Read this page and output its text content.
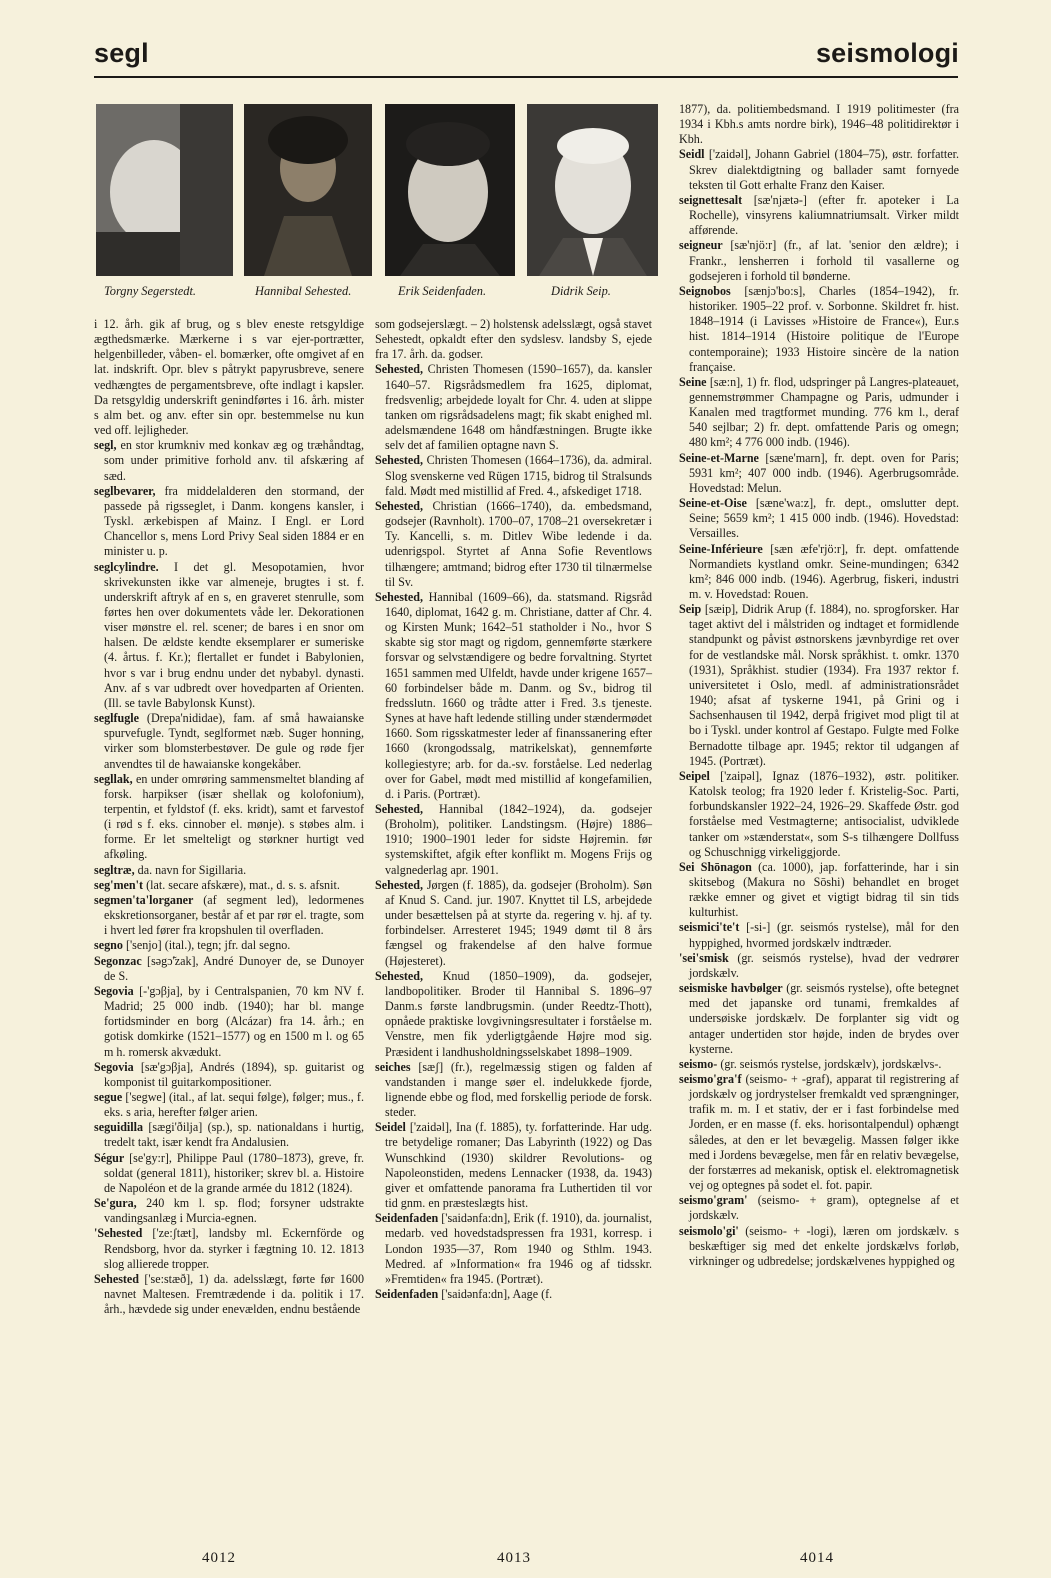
segl	seismologi
Torgny Segerstedt.	Hannibal Sehested.	Erik Seidenfaden.	Didrik Seip.

i 12. årh. gik af brug, og s blev eneste retsgyldige ægthedsmærke. Mærkerne i s var ejer-portrætter, helgenbilleder, våben- el. bomærker, ofte omgivet af en lat. indskrift. Opr. blev s påtrykt papyrusbreve, senere vedhængtes de pergamentsbreve, ofte indlagt i kapsler. Da retsgyldig underskrift genindførtes i 16. årh. mister s alm bet. og anv. efter sin opr. bestemmelse nu kun ved off. lejligheder.

segl, en stor krumkniv med konkav æg og træhåndtag, som under primitive forhold anv. til afskæring af sæd.

seglbevarer, fra middelalderen den stormand, der passede på rigsseglet, i Danm. kongens kansler, i Tyskl. ærkebispen af Mainz. I Engl. er Lord Chancellor s, mens Lord Privy Seal siden 1884 er en minister u. p.

seglcylindre. I det gl. Mesopotamien, hvor skrivekunsten ikke var almeneje, brugtes i st. f. underskrift aftryk af en s, en graveret stenrulle, som førtes hen over dokumentets våde ler. Dekorationen viser mønstre el. rel. scener; de bares i en snor om halsen. De ældste kendte eksemplarer er sumeriske (4. årtus. f. Kr.); flertallet er fundet i Babylonien, hvor s var i brug endnu under det nybabyl. dynasti. Anv. af s var udbredt over hovedparten af Orienten. (Ill. se tavle Babylonsk Kunst).

seglfugle (Drepa'nididae), fam. af små hawaianske spurvefugle. Tyndt, seglformet næb. Suger honning, virker som blomsterbestøver. De gule og røde fjer anvendtes til de hawaianske kongekåber.

segllak, en under omrøring sammensmeltet blanding af forsk. harpikser (især shellak og kolofonium), terpentin, et fyldstof (f. eks. kridt), samt et farvestof (i rød s f. eks. cinnober el. mønje). s støbes alm. i forme. Er let smelteligt og størkner hurtigt ved afkøling.

segltræ, da. navn for Sigillaria.

seg'men't (lat. secare afskære), mat., d. s. s. afsnit.

segmen'ta'lorganer (af segment led), ledormenes ekskretionsorganer, består af et par rør el. tragte, som i hvert led fører fra kropshulen til overfladen.

segno ['senjo] (ital.), tegn; jfr. dal segno.

Segonzac [səgɔ̃'zak], André Dunoyer de, se Dunoyer de S.

Segovia [-'gɔβja], by i Centralspanien, 70 km NV f. Madrid; 25 000 indb. (1940); har bl. mange fortidsminder en borg (Alcázar) fra 14. årh.; en gotisk domkirke (1521–1577) og en 1500 m l. og 65 m h. romersk akvædukt.

Segovia [sæ'gɔβja], Andrés (1894), sp. guitarist og komponist til guitarkompositioner.

segue ['segwe] (ital., af lat. sequi følge), følger; mus., f. eks. s aria, herefter følger arien.

seguidilla [sægi'ðilja] (sp.), sp. nationaldans i hurtig, tredelt takt, især kendt fra Andalusien.

Ségur [se'gy:r], Philippe Paul (1780–1873), greve, fr. soldat (general 1811), historiker; skrev bl. a. Histoire de Napoléon et de la grande armée du 1812 (1824).

Se'gura, 240 km l. sp. flod; forsyner udstrakte vandingsanlæg i Murcia-egnen.

'Sehested ['ze:ʃtæt], landsby ml. Eckernförde og Rendsborg, hvor da. styrker i fægtning 10. 12. 1813 slog allierede tropper.

Sehested ['se:stæð], 1) da. adelsslægt, førte før 1600 navnet Maltesen. Fremtrædende i da. politik i 17. årh., hævdede sig under enevælden, endnu bestående

som godsejerslægt. – 2) holstensk adelsslægt, også stavet Sehestedt, opkaldt efter den sydslesv. landsby S, ejede fra 17. årh. da. godser.

Sehested, Christen Thomesen (1590–1657), da. kansler 1640–57. Rigsrådsmedlem fra 1625, diplomat, fredsvenlig; arbejdede loyalt for Chr. 4. uden at slippe tanken om rigsrådsadelens magt; fik skabt enighed ml. adelsmændene 1648 om håndfæstningen. Brugte ikke selv det af familien optagne navn S.

Sehested, Christen Thomesen (1664–1736), da. admiral. Slog svenskerne ved Rügen 1715, bidrog til Stralsunds fald. Mødt med mistillid af Fred. 4., afskediget 1718.

Sehested, Christian (1666–1740), da. embedsmand, godsejer (Ravnholt). 1700–07, 1708–21 oversekretær i Ty. Kancelli, s. m. Ditlev Wibe ledende i da. udenrigspol. Styrtet af Anna Sofie Reventlows tilhængere; amtmand; bidrog efter 1730 til tilnærmelse til Sv.

Sehested, Hannibal (1609–66), da. statsmand. Rigsråd 1640, diplomat, 1642 g. m. Christiane, datter af Chr. 4. og Kirsten Munk; 1642–51 statholder i No., hvor S skabte sig stor magt og rigdom, gennemførte stærkere forsvar og selvstændigere og bedre forvaltning. Styrtet 1651 sammen med Ulfeldt, havde under krigene 1657–60 forbindelser både m. Danm. og Sv., bidrog til fredsslutn. 1660 og trådte atter i Fred. 3.s tjeneste. Synes at have haft ledende stilling under stændermødet 1660. Som rigsskatmester leder af finanssanering efter 1660 (krongodssalg, matrikelskat), gennemførte kollegiestyre; arb. for da.-sv. forståelse. Led nederlag over for Gabel, mødt med mistillid af kongefamilien, d. i Paris. (Portræt).

Sehested, Hannibal (1842–1924), da. godsejer (Broholm), politiker. Landstingsm. (Højre) 1886–1910; 1900–1901 leder for sidste Højremin. før systemskiftet, afgik efter konflikt m. Mogens Frijs og valgnederlag apr. 1901.

Sehested, Jørgen (f. 1885), da. godsejer (Broholm). Søn af Knud S. Cand. jur. 1907. Knyttet til LS, arbejdede under besættelsen på at styrte da. regering v. hj. af ty. forbindelser. Arresteret 1945; 1949 dømt til 8 års fængsel og frakendelse af den halve formue (Højesteret).

Sehested, Knud (1850–1909), da. godsejer, landbopolitiker. Broder til Hannibal S. 1896–97 Danm.s første landbrugsmin. (under Reedtz-Thott), opnåede praktiske lovgivningsresultater i forståelse m. Venstre, men fik yderligtgående Højre mod sig. Præsident i landhusholdningsselskabet 1898–1909.

seiches [sæʃ] (fr.), regelmæssig stigen og falden af vandstanden i mange søer el. indelukkede fjorde, lignende ebbe og flod, med forskellig periode de forsk. steder.

Seidel ['zaidəl], Ina (f. 1885), ty. forfatterinde. Har udg. tre betydelige romaner; Das Labyrinth (1922) og Das Wunschkind (1930) skildrer Revolutions- og Napoleonstiden, medens Lennacker (1938, da. 1943) giver et omfattende panorama fra Luthertiden til vor tid gnm. en præsteslægts hist.

Seidenfaden ['saidənfa:dn], Erik (f. 1910), da. journalist, medarb. ved hovedstadspressen fra 1931, korresp. i London 1935—37, Rom 1940 og Sthlm. 1943. Medred. af »Information« fra 1946 og af tidsskr. »Fremtiden« fra 1945. (Portræt).

Seidenfaden ['saidənfa:dn], Aage (f.

1877), da. politiembedsmand. I 1919 politimester (fra 1934 i Kbh.s amts nordre birk), 1946–48 politidirektør i Kbh.

Seidl ['zaidəl], Johann Gabriel (1804–75), østr. forfatter. Skrev dialektdigtning og ballader samt fornyede teksten til Gott erhalte Franz den Kaiser.

seignettesalt [sæ'njætə-] (efter fr. apoteker i La Rochelle), vinsyrens kaliumnatriumsalt. Virker mildt afførende.

seigneur [sæ'njö:r] (fr., af lat. 'senior den ældre); i Frankr., lensherren i forhold til vasallerne og godsejeren i forhold til bønderne.

Seignobos [sænjɔ'bo:s], Charles (1854–1942), fr. historiker. 1905–22 prof. v. Sorbonne. Skildret fr. hist. 1848–1914 (i Lavisses »Histoire de France«), Eur.s hist. 1814–1914 (Histoire politique de l'Europe contemporaine); 1933 Histoire sincère de la nation française.

Seine [sæ:n], 1) fr. flod, udspringer på Langres-plateauet, gennemstrømmer Champagne og Paris, udmunder i Kanalen med tragtformet munding. 776 km l., deraf 540 sejlbar; 2) fr. dept. omfattende Paris og omegn; 480 km²; 4 776 000 indb. (1946).

Seine-et-Marne [sæne'marn], fr. dept. oven for Paris; 5931 km²; 407 000 indb. (1946). Agerbrugsområde. Hovedstad: Melun.

Seine-et-Oise [sæne'wa:z], fr. dept., omslutter dept. Seine; 5659 km²; 1 415 000 indb. (1946). Hovedstad: Versailles.

Seine-Inférieure [sæn æfe'rjö:r], fr. dept. omfattende Normandiets kystland omkr. Seine-mundingen; 6342 km²; 846 000 indb. (1946). Agerbrug, fiskeri, industri m. v. Hovedstad: Rouen.

Seip [sæip], Didrik Arup (f. 1884), no. sprogforsker. Har taget aktivt del i målstriden og indtaget et formidlende standpunkt og påvist østnorskens jævnbyrdige ret over for de vestlandske mål. Norsk språkhist. t. omkr. 1370 (1931), Språkhist. studier (1934). Fra 1937 rektor f. universitetet i Oslo, medl. af administrationsrådet 1940; afsat af tyskerne 1941, på Grini og i Sachsenhausen til 1942, derpå frigivet mod pligt til at bo i Tyskl. under kontrol af Gestapo. Fulgte med Folke Bernadotte tilbage apr. 1945; rektor til udgangen af 1945. (Portræt).

Seipel ['zaipəl], Ignaz (1876–1932), østr. politiker. Katolsk teolog; fra 1920 leder f. Kristelig-Soc. Parti, forbundskansler 1922–24, 1926–29. Skaffede Østr. god forståelse med Vestmagterne; antisocialist, udviklede tanker om »stænderstat«, som S-s tilhængere Dollfuss og Schuschnigg virkeliggjorde.

Sei Shōnagon (ca. 1000), jap. forfatterinde, har i sin skitsebog (Makura no Sōshi) behandlet en broget række emner og givet et vigtigt bidrag til sin tids kulturhist.

seismici'te't [-si-] (gr. seismós rystelse), mål for den hyppighed, hvormed jordskælv indtræder.

'sei'smisk (gr. seismós rystelse), hvad der vedrører jordskælv.

seismiske havbølger (gr. seismós rystelse), ofte betegnet med det japanske ord tunami, fremkaldes af undersøiske jordskælv. De forplanter sig vidt og antager undertiden stor højde, inden de brydes over kysterne.

seismo- (gr. seismós rystelse, jordskælv), jordskælvs-.

seismo'gra'f (seismo- + -graf), apparat til registrering af jordskælv og jordrystelser fremkaldt ved sprængninger, trafik m. m. I et stativ, der er i fast forbindelse med Jorden, er en masse (f. eks. horisontalpendul) ophængt således, at den er let bevægelig. Massen følger ikke med i Jordens bevægelse, men får en relativ bevægelse, der forstærres ad mekanisk, optisk el. elektromagnetisk vej og optegnes på sodet el. fot. papir.

seismo'gram' (seismo- + gram), optegnelse af et jordskælv.

seismolo'gi' (seismo- + -logi), læren om jordskælv. s beskæftiger sig med det enkelte jordskælvs forløb, virkninger og udbredelse; jordskælvenes hyppighed og

4012	4013	4014
